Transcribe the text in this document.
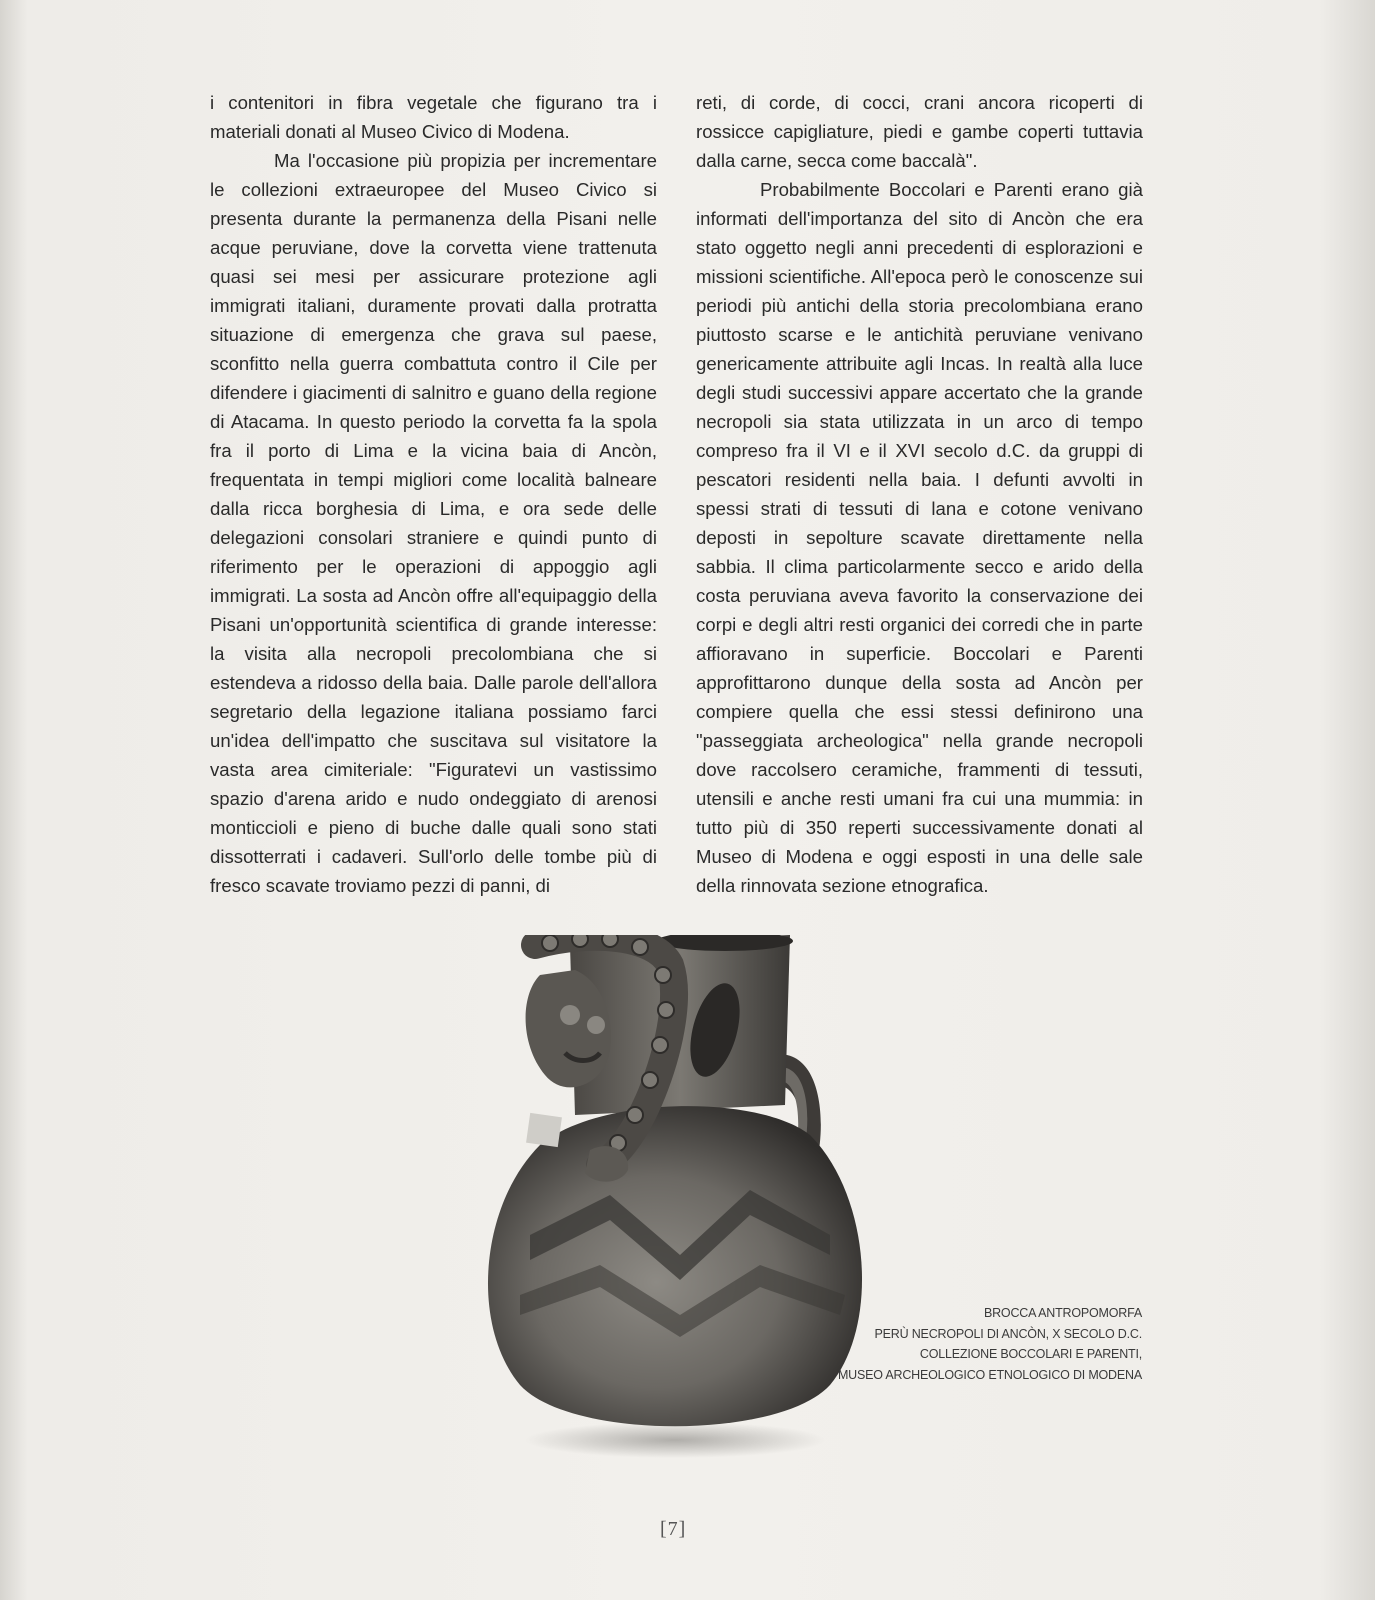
i contenitori in fibra vegetale che figurano tra i materiali donati al Museo Civico di Modena.

Ma l'occasione più propizia per incrementare le collezioni extraeuropee del Museo Civico si presenta durante la permanenza della Pisani nelle acque peruviane, dove la corvetta viene trattenuta quasi sei mesi per assicurare protezione agli immigrati italiani, duramente provati dalla protratta situazione di emergenza che grava sul paese, sconfitto nella guerra combattuta contro il Cile per difendere i giacimenti di salnitro e guano della regione di Atacama. In questo periodo la corvetta fa la spola fra il porto di Lima e la vicina baia di Ancòn, frequentata in tempi migliori come località balneare dalla ricca borghesia di Lima, e ora sede delle delegazioni consolari straniere e quindi punto di riferimento per le operazioni di appoggio agli immigrati. La sosta ad Ancòn offre all'equipaggio della Pisani un'opportunità scientifica di grande interesse: la visita alla necropoli precolombiana che si estendeva a ridosso della baia. Dalle parole dell'allora segretario della legazione italiana possiamo farci un'idea dell'impatto che suscitava sul visitatore la vasta area cimiteriale: "Figuratevi un vastissimo spazio d'arena arido e nudo ondeggiato di arenosi monticcioli e pieno di buche dalle quali sono stati dissotterrati i cadaveri. Sull'orlo delle tombe più di fresco scavate troviamo pezzi di panni, di

reti, di corde, di cocci, crani ancora ricoperti di rossicce capigliature, piedi e gambe coperti tuttavia dalla carne, secca come baccalà".

Probabilmente Boccolari e Parenti erano già informati dell'importanza del sito di Ancòn che era stato oggetto negli anni precedenti di esplorazioni e missioni scientifiche. All'epoca però le conoscenze sui periodi più antichi della storia precolombiana erano piuttosto scarse e le antichità peruviane venivano genericamente attribuite agli Incas. In realtà alla luce degli studi successivi appare accertato che la grande necropoli sia stata utilizzata in un arco di tempo compreso fra il VI e il XVI secolo d.C. da gruppi di pescatori residenti nella baia. I defunti avvolti in spessi strati di tessuti di lana e cotone venivano deposti in sepolture scavate direttamente nella sabbia. Il clima particolarmente secco e arido della costa peruviana aveva favorito la conservazione dei corpi e degli altri resti organici dei corredi che in parte affioravano in superficie. Boccolari e Parenti approfittarono dunque della sosta ad Ancòn per compiere quella che essi stessi definirono una "passeggiata archeologica" nella grande necropoli dove raccolsero ceramiche, frammenti di tessuti, utensili e anche resti umani fra cui una mummia: in tutto più di 350 reperti successivamente donati al Museo di Modena e oggi esposti in una delle sale della rinnovata sezione etnografica.

BROCCA ANTROPOMORFA
PERÙ NECROPOLI DI ANCÒN, X SECOLO D.C.
COLLEZIONE BOCCOLARI E PARENTI,
MUSEO ARCHEOLOGICO ETNOLOGICO DI MODENA
[7]
